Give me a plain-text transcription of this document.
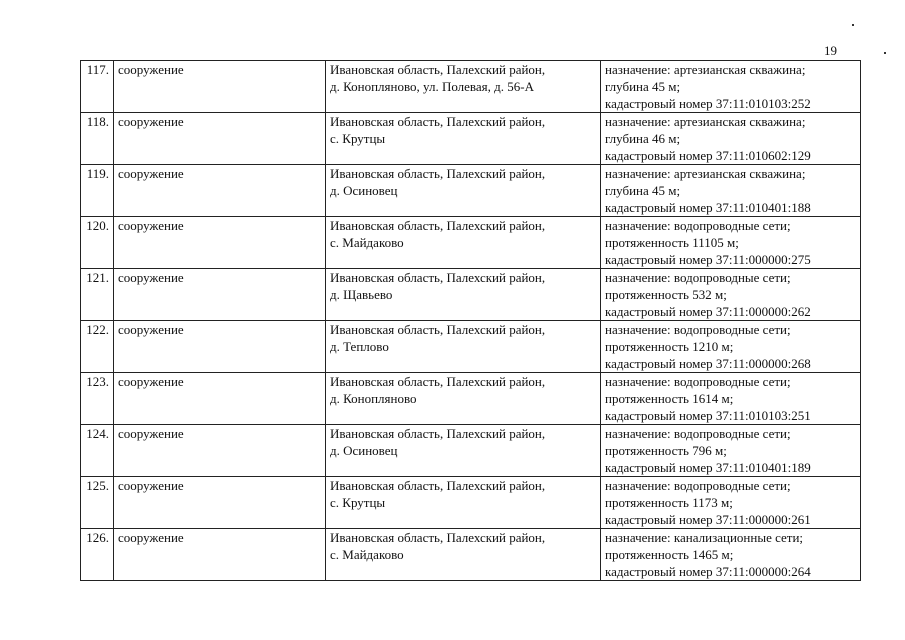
19
117.	сооружение	Ивановская область, Палехский район,
д. Конопляново, ул. Полевая, д. 56-А	назначение: артезианская скважина;
глубина 45 м;
кадастровый номер 37:11:010103:252

118.	сооружение	Ивановская область, Палехский район,
с. Крутцы	назначение: артезианская скважина;
глубина 46 м;
кадастровый номер 37:11:010602:129

119.	сооружение	Ивановская область, Палехский район,
д. Осиновец	назначение: артезианская скважина;
глубина 45 м;
кадастровый номер 37:11:010401:188

120.	сооружение	Ивановская область, Палехский район,
с. Майдаково	назначение: водопроводные сети;
протяженность 11105 м;
кадастровый номер 37:11:000000:275

121.	сооружение	Ивановская область, Палехский район,
д. Щавьево	назначение: водопроводные сети;
протяженность 532 м;
кадастровый номер 37:11:000000:262

122.	сооружение	Ивановская область, Палехский район,
д. Теплово	назначение: водопроводные сети;
протяженность 1210 м;
кадастровый номер 37:11:000000:268

123.	сооружение	Ивановская область, Палехский район,
д. Конопляново	назначение: водопроводные сети;
протяженность 1614 м;
кадастровый номер 37:11:010103:251

124.	сооружение	Ивановская область, Палехский район,
д. Осиновец	назначение: водопроводные сети;
протяженность 796 м;
кадастровый номер 37:11:010401:189

125.	сооружение	Ивановская область, Палехский район,
с. Крутцы	назначение: водопроводные сети;
протяженность 1173 м;
кадастровый номер 37:11:000000:261

126.	сооружение	Ивановская область, Палехский район,
с. Майдаково	назначение: канализационные сети;
протяженность 1465 м;
кадастровый номер 37:11:000000:264
